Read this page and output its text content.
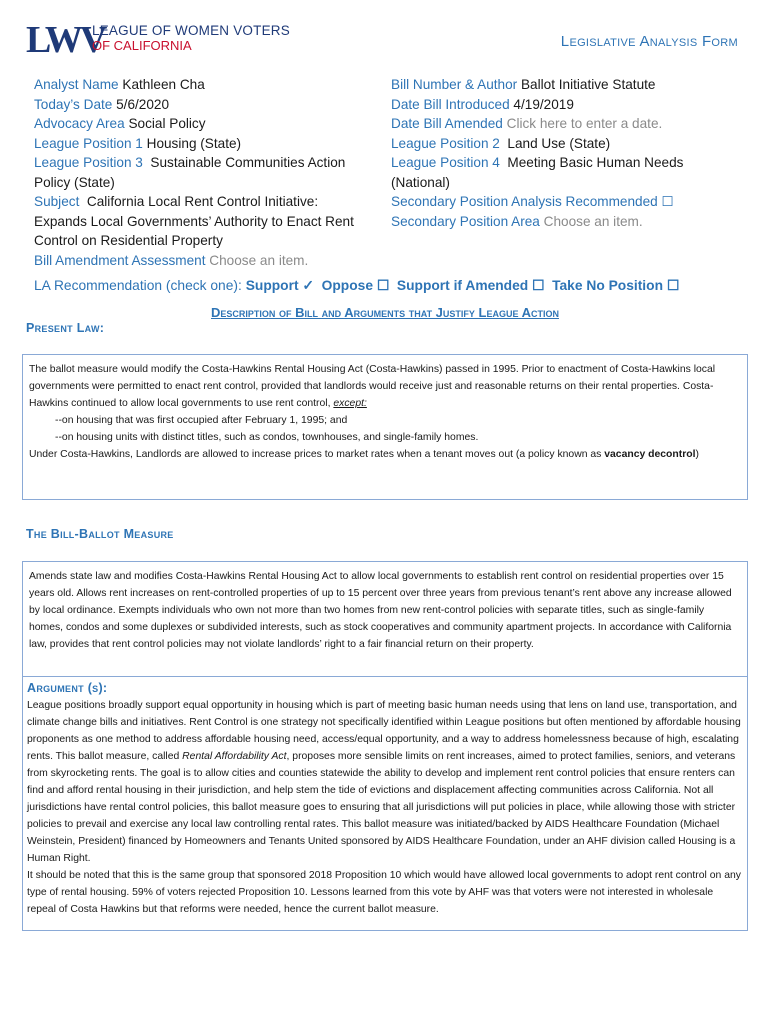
LWV
LEAGUE OF WOMEN VOTERS
OF CALIFORNIA	Legislative Analysis Form
Analyst Name Kathleen Cha
Today’s Date 5/6/2020
Advocacy Area Social Policy
League Position 1 Housing (State)
League Position 3 Sustainable Communities Action Policy (State)
Subject California Local Rent Control Initiative: Expands Local Governments’ Authority to Enact Rent Control on Residential Property
Bill Amendment Assessment Choose an item.
Bill Number & Author Ballot Initiative Statute
Date Bill Introduced 4/19/2019
Date Bill Amended Click here to enter a date.
League Position 2 Land Use (State)
League Position 4 Meeting Basic Human Needs (National)
Secondary Position Analysis Recommended ☐
Secondary Position Area Choose an item.
LA Recommendation (check one): Support ✓ Oppose ☐ Support if Amended ☐ Take No Position ☐
Description of Bill and Arguments that Justify League Action
Present Law:
The ballot measure would modify the Costa-Hawkins Rental Housing Act (Costa-Hawkins) passed in 1995. Prior to enactment of Costa-Hawkins local governments were permitted to enact rent control, provided that landlords would receive just and reasonable returns on their rental properties. Costa-Hawkins continued to allow local governments to use rent control, except:
--on housing that was first occupied after February 1, 1995; and
--on housing units with distinct titles, such as condos, townhouses, and single-family homes.
Under Costa-Hawkins, Landlords are allowed to increase prices to market rates when a tenant moves out (a policy known as vacancy decontrol)
The Bill-Ballot Measure
Amends state law and modifies Costa-Hawkins Rental Housing Act to allow local governments to establish rent control on residential properties over 15 years old. Allows rent increases on rent-controlled properties of up to 15 percent over three years from previous tenant’s rent above any increase allowed by local ordinance. Exempts individuals who own not more than two homes from new rent-control policies with separate titles, such as single-family homes, condos and some duplexes or subdivided interests, such as stock cooperatives and community apartment projects. In accordance with California law, provides that rent control policies may not violate landlords’ right to a fair financial return on their property.
Argument (s):
League positions broadly support equal opportunity in housing which is part of meeting basic human needs using that lens on land use, transportation, and climate change bills and initiatives. Rent Control is one strategy not specifically identified within League positions but often mentioned by affordable housing proponents as one method to address affordable housing need, access/equal opportunity, and a way to address homelessness because of high, escalating rents. This ballot measure, called Rental Affordability Act, proposes more sensible limits on rent increases, aimed to protect families, seniors, and veterans from skyrocketing rents. The goal is to allow cities and counties statewide the ability to develop and implement rent control policies that ensure renters can find and afford rental housing in their jurisdiction, and help stem the tide of evictions and displacement affecting communities across California. Not all jurisdictions have rental control policies, this ballot measure goes to ensuring that all jurisdictions will put policies in place, while allowing those with stricter policies to prevail and exercise any local law controlling rental rates. This ballot measure was initiated/backed by AIDS Healthcare Foundation (Michael Weinstein, President) financed by Homeowners and Tenants United sponsored by AIDS Healthcare Foundation, under an AHF division called Housing is a Human Right.
It should be noted that this is the same group that sponsored 2018 Proposition 10 which would have allowed local governments to adopt rent control on any type of rental housing. 59% of voters rejected Proposition 10. Lessons learned from this vote by AHF was that voters were not interested in wholesale repeal of Costa Hawkins but that reforms were needed, hence the current ballot measure.
